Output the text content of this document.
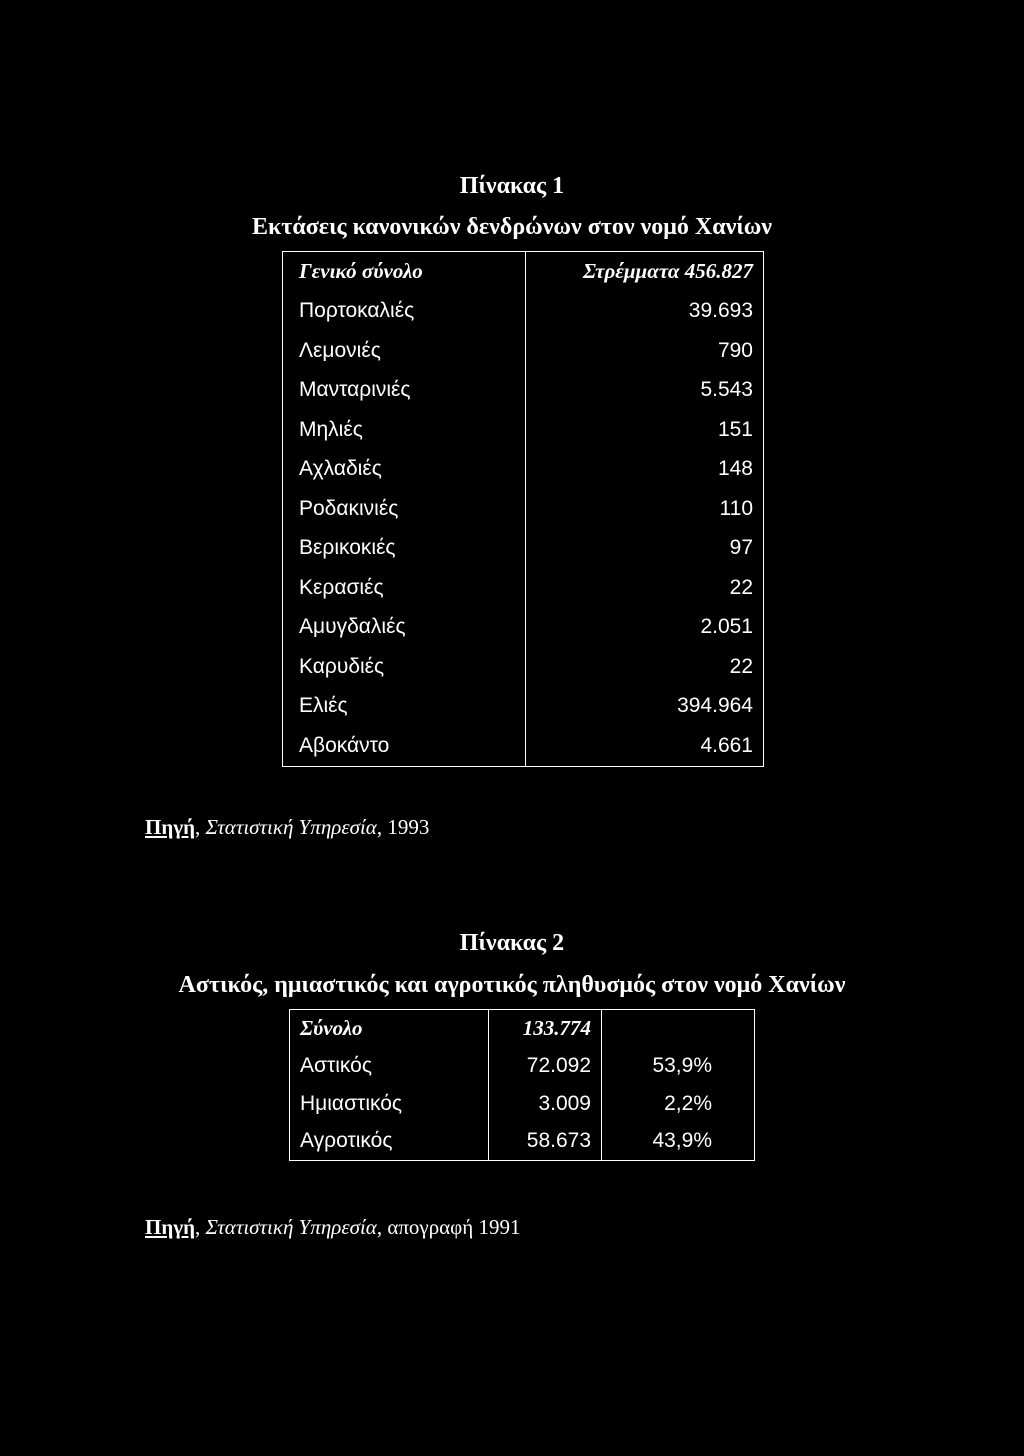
Πίνακας 1
Εκτάσεις κανονικών δενδρώνων στον νομό Χανίων
Γενικό σύνολο	Στρέμματα 456.827
Πορτοκαλιές	39.693
Λεμονιές	790
Μανταρινιές	5.543
Μηλιές	151
Αχλαδιές	148
Ροδακινιές	110
Βερικοκιές	97
Κερασιές	22
Αμυγδαλιές	2.051
Καρυδιές	22
Ελιές	394.964
Αβοκάντο	4.661
Πηγή, Στατιστική Υπηρεσία, 1993
Πίνακας 2
Αστικός, ημιαστικός και αγροτικός πληθυσμός στον νομό Χανίων
Σύνολο	133.774	
Αστικός	72.092	53,9%
Ημιαστικός	3.009	2,2%
Αγροτικός	58.673	43,9%
Πηγή, Στατιστική Υπηρεσία, απογραφή 1991
